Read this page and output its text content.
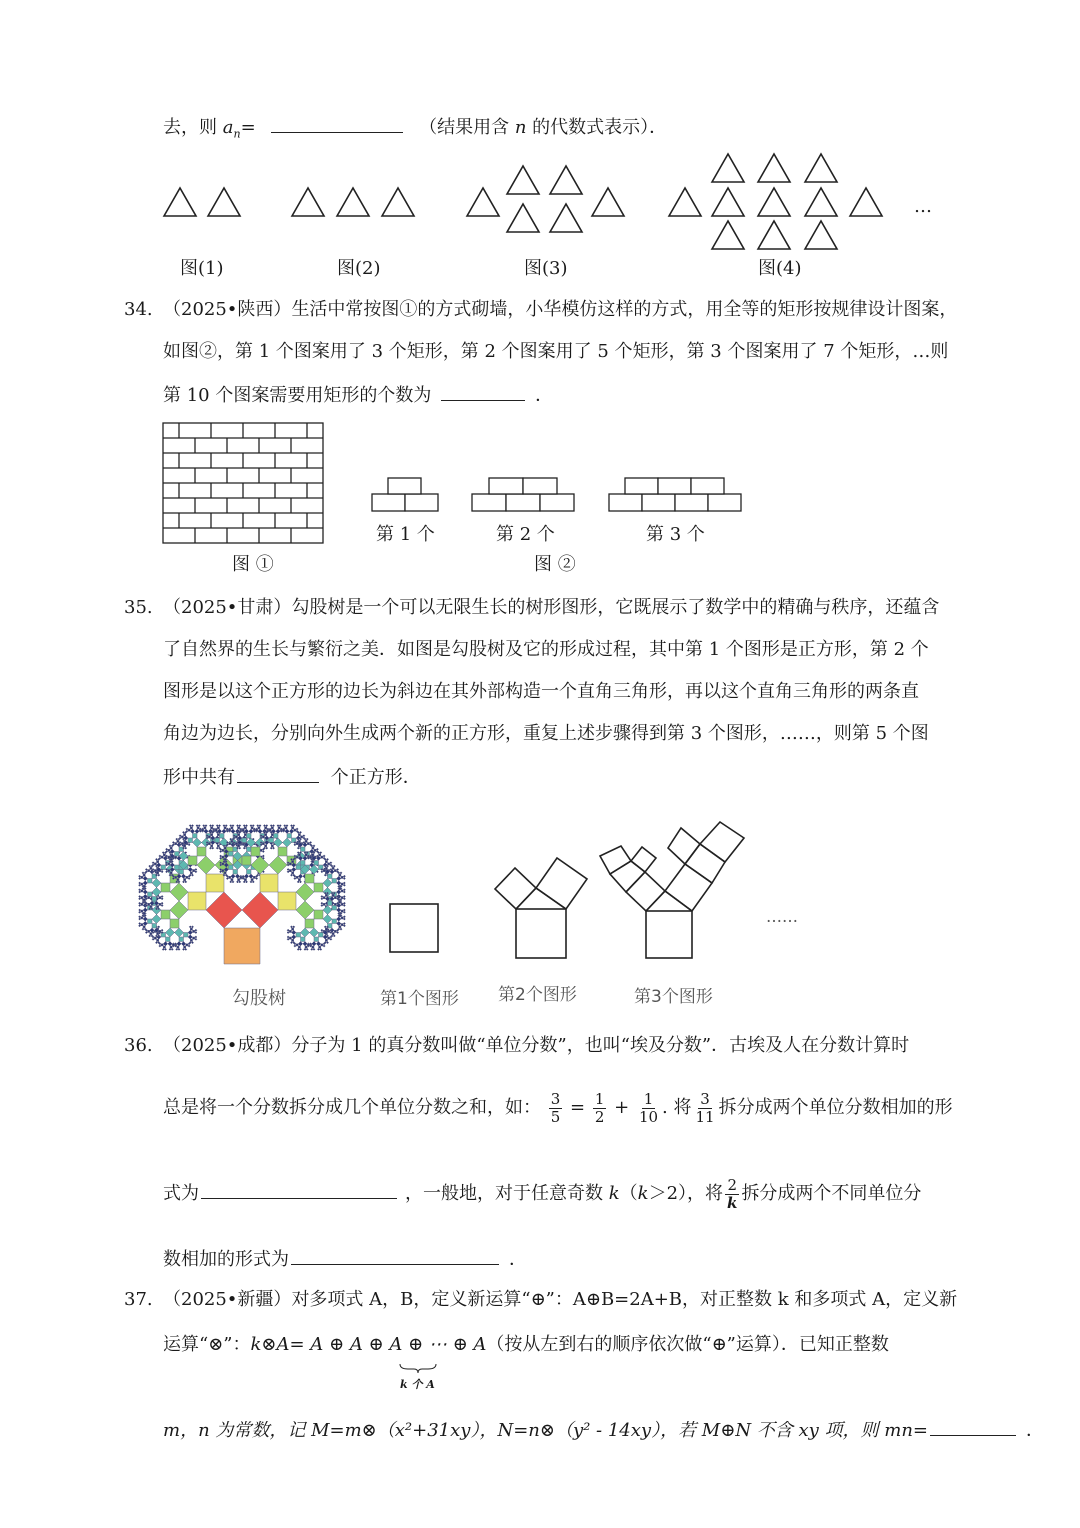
去，则 $a_n=$	（结果用含 n 的代数式表示）．
…
图(1)	图(2)	图(3)	图(4)
34. （2025•陕西）生活中常按图①的方式砌墙，小华模仿这样的方式，用全等的矩形按规律设计图案，
如图②，第 1 个图案用了 3 个矩形，第 2 个图案用了 5 个矩形，第 3 个图案用了 7 个矩形，…则
第 10 个图案需要用矩形的个数为	．
第 1 个	第 2 个	第 3 个
图 ①	图 ②
35. （2025•甘肃）勾股树是一个可以无限生长的树形图形，它既展示了数学中的精确与秩序，还蕴含
了自然界的生长与繁衍之美．如图是勾股树及它的形成过程，其中第 1 个图形是正方形，第 2 个
图形是以这个正方形的边长为斜边在其外部构造一个直角三角形，再以这个直角三角形的两条直
角边为边长，分别向外生成两个新的正方形，重复上述步骤得到第 3 个图形，……，则第 5 个图
形中共有	个正方形．
……
勾股树	第1个图形 第2个图形	第3个图形
36. （2025•成都）分子为 1 的真分数叫做“单位分数”，也叫“埃及分数”．古埃及人在分数计算时
总是将一个分数拆分成几个单位分数之和，如： $\frac{3}{5} = \frac{1}{2} + \frac{1}{10}$ . 将 $\frac{3}{11}$ 拆分成两个单位分数相加的形
式为	，一般地，对于任意奇数 k（k＞2），将 $\frac{2}{k}$ 拆分成两个不同单位分
数相加的形式为	．
37. （2025•新疆）对多项式 A，B，定义新运算“⊕”：A⊕B=2A+B，对正整数 k 和多项式 A，定义新
运算“⊗”：k⊗A= A ⊕ A ⊕ A ⊕ ⋯ ⊕ A（按从左到右的顺序依次做“⊕”运算）．已知正整数
k 个 A
m，n 为常数，记 M=m⊗（x²+31xy），N=n⊗（y² - 14xy），若 M⊕N 不含 xy 项，则 mn=	．
